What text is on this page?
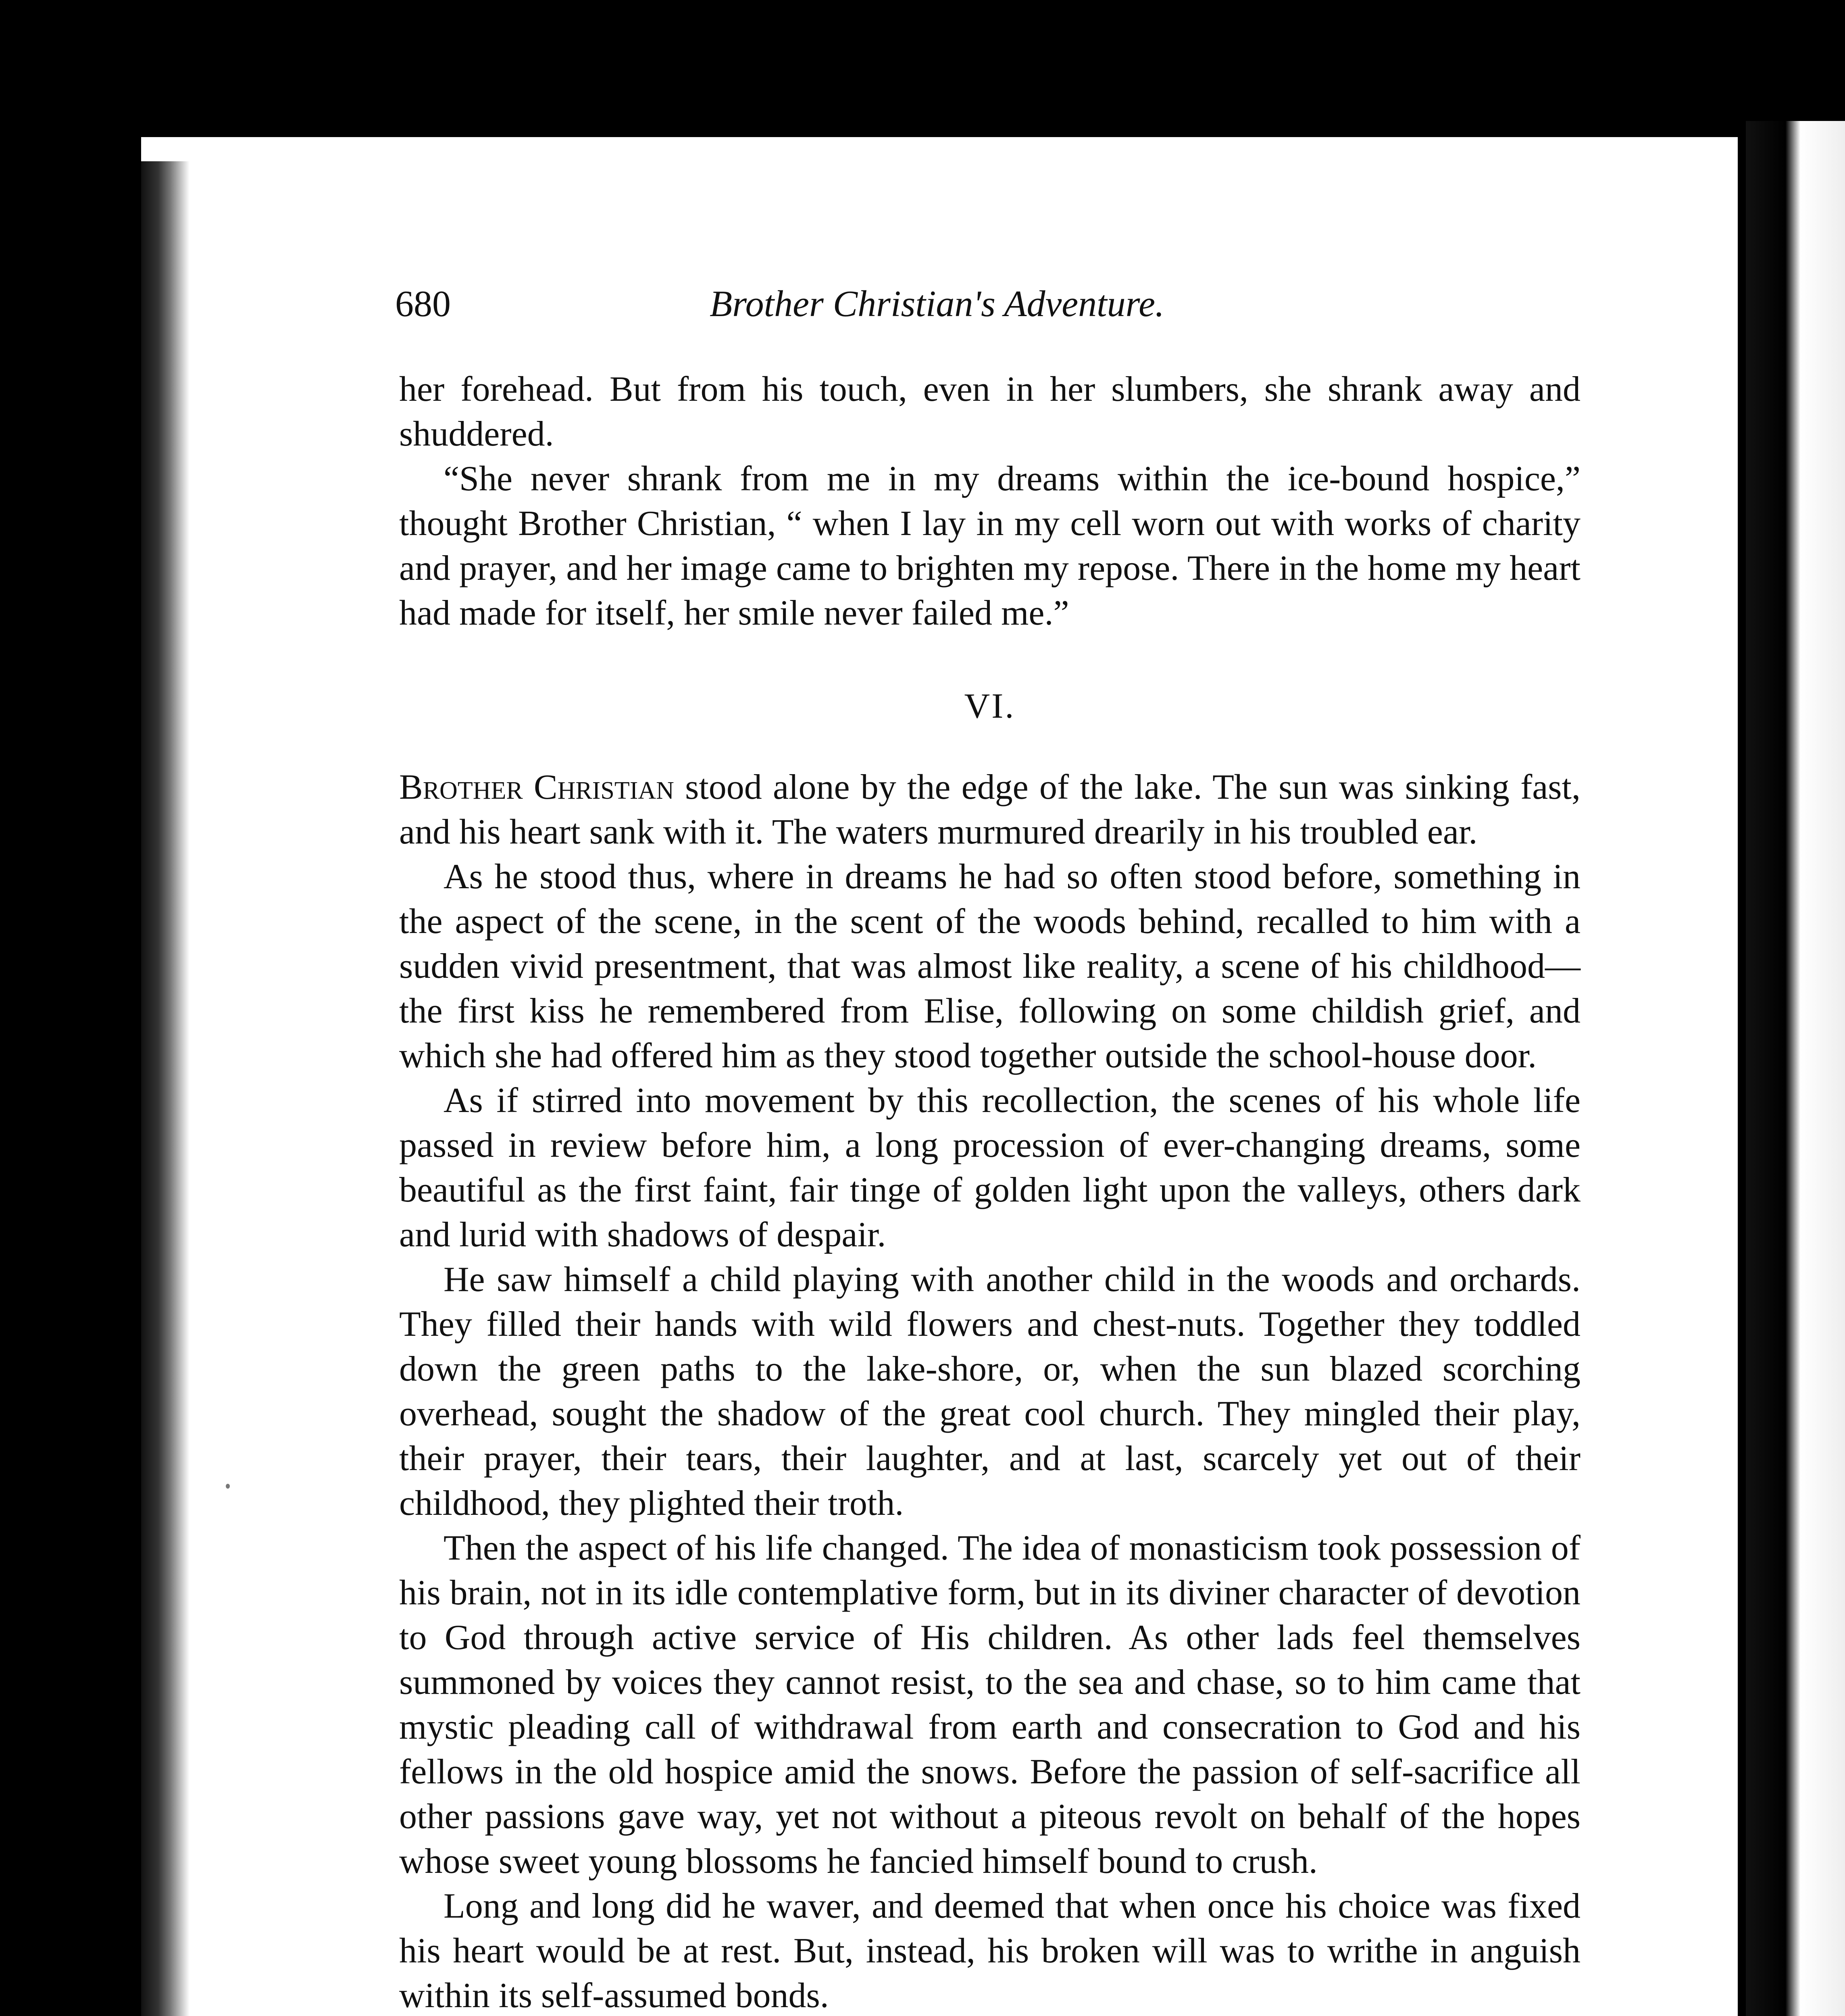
680	Brother Christian's Adventure.

her forehead. But from his touch, even in her slumbers, she shrank away and shuddered.

“She never shrank from me in my dreams within the ice-bound hospice,” thought Brother Christian, “ when I lay in my cell worn out with works of charity and prayer, and her image came to brighten my repose. There in the home my heart had made for itself, her smile never failed me.”

VI.

Brother Christian stood alone by the edge of the lake. The sun was sinking fast, and his heart sank with it. The waters murmured drearily in his troubled ear.

As he stood thus, where in dreams he had so often stood before, something in the aspect of the scene, in the scent of the woods behind, recalled to him with a sudden vivid presentment, that was almost like reality, a scene of his childhood—the first kiss he remembered from Elise, following on some childish grief, and which she had offered him as they stood together outside the school-house door.

As if stirred into movement by this recollection, the scenes of his whole life passed in review before him, a long procession of ever-changing dreams, some beautiful as the first faint, fair tinge of golden light upon the valleys, others dark and lurid with shadows of despair.

He saw himself a child playing with another child in the woods and orchards. They filled their hands with wild flowers and chest-nuts. Together they toddled down the green paths to the lake-shore, or, when the sun blazed scorching overhead, sought the shadow of the great cool church. They mingled their play, their prayer, their tears, their laughter, and at last, scarcely yet out of their childhood, they plighted their troth.

Then the aspect of his life changed. The idea of monasticism took possession of his brain, not in its idle contemplative form, but in its diviner character of devotion to God through active service of His children. As other lads feel themselves summoned by voices they cannot resist, to the sea and chase, so to him came that mystic pleading call of withdrawal from earth and consecration to God and his fellows in the old hospice amid the snows. Before the passion of self-sacrifice all other passions gave way, yet not without a piteous revolt on behalf of the hopes whose sweet young blossoms he fancied himself bound to crush.

Long and long did he waver, and deemed that when once his choice was fixed his heart would be at rest. But, instead, his broken will was to writhe in anguish within its self-assumed bonds.
